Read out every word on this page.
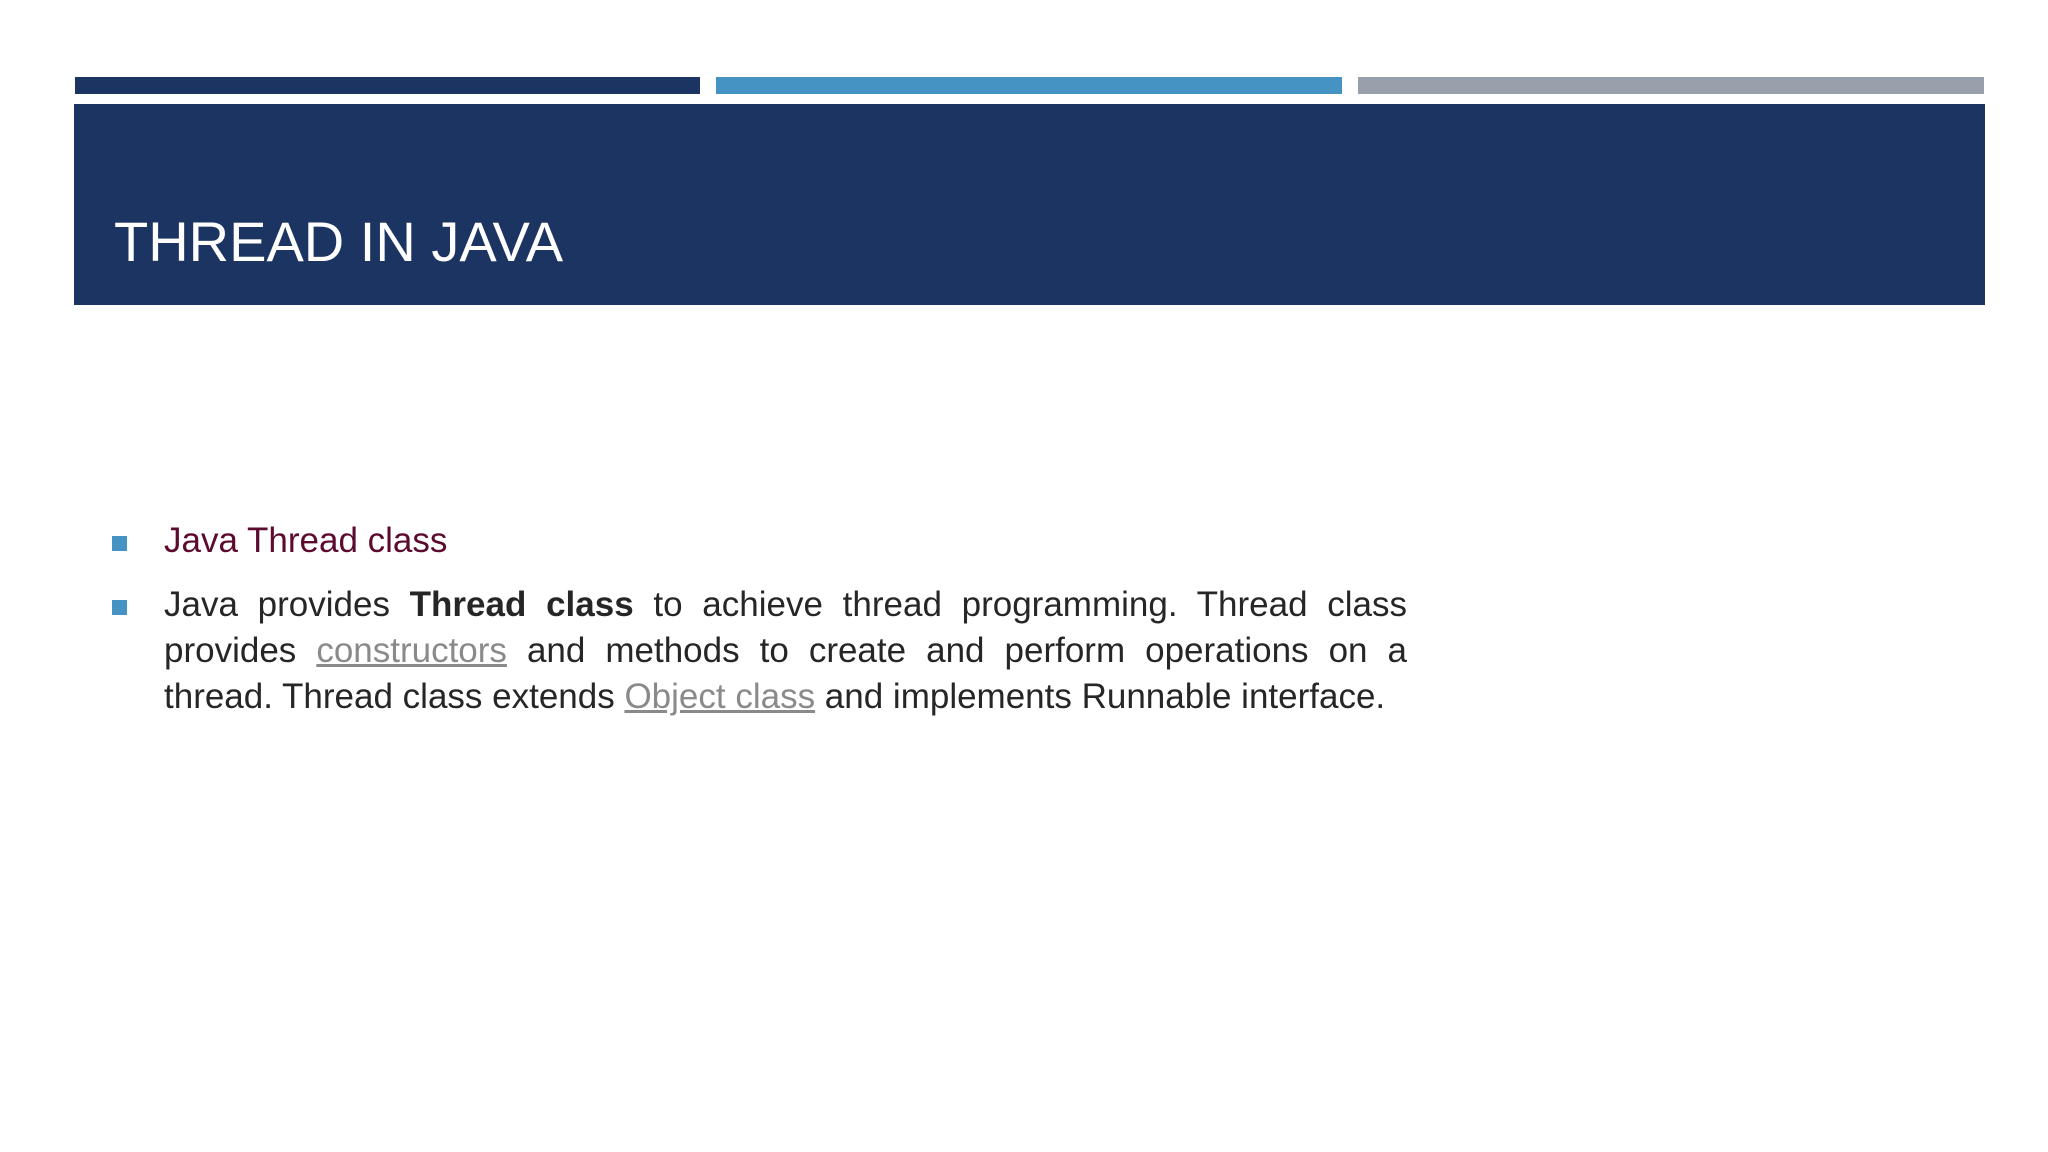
THREAD IN JAVA
Java Thread class
Java provides Thread class to achieve thread programming. Thread class provides constructors and methods to create and perform operations on a thread. Thread class extends Object class and implements Runnable interface.
